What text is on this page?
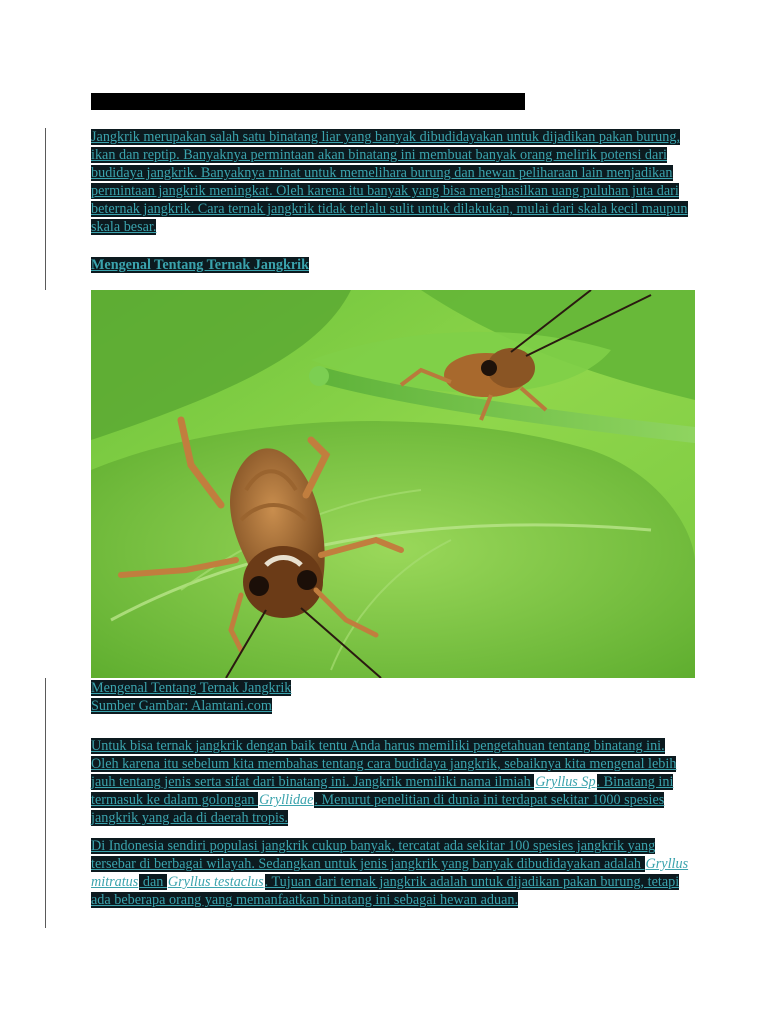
Jangkrik merupakan salah satu binatang liar yang banyak dibudidayakan untuk dijadikan pakan burung, ikan dan reptip. Banyaknya permintaan akan binatang ini membuat banyak orang melirik potensi dari budidaya jangkrik. Banyaknya minat untuk memelihara burung dan hewan peliharaan lain menjadikan permintaan jangkrik meningkat. Oleh karena itu banyak yang bisa menghasilkan uang puluhan juta dari beternak jangkrik. Cara ternak jangkrik tidak terlalu sulit untuk dilakukan, mulai dari skala kecil maupun skala besar.
Mengenal Tentang Ternak Jangkrik
Mengenal Tentang Ternak Jangkrik
Sumber Gambar: Alamtani.com
Untuk bisa ternak jangkrik dengan baik tentu Anda harus memiliki pengetahuan tentang binatang ini. Oleh karena itu sebelum kita membahas tentang cara budidaya jangkrik, sebaiknya kita mengenal lebih jauh tentang jenis serta sifat dari binatang ini. Jangkrik memiliki nama ilmiah Gryllus Sp. Binatang ini termasuk ke dalam golongan Gryllidae. Menurut penelitian di dunia ini terdapat sekitar 1000 spesies jangkrik yang ada di daerah tropis.
Di Indonesia sendiri populasi jangkrik cukup banyak, tercatat ada sekitar 100 spesies jangkrik yang tersebar di berbagai wilayah. Sedangkan untuk jenis jangkrik yang banyak dibudidayakan adalah Gryllus mitratus dan Gryllus testaclus. Tujuan dari ternak jangkrik adalah untuk dijadikan pakan burung, tetapi ada beberapa orang yang memanfaatkan binatang ini sebagai hewan aduan.
